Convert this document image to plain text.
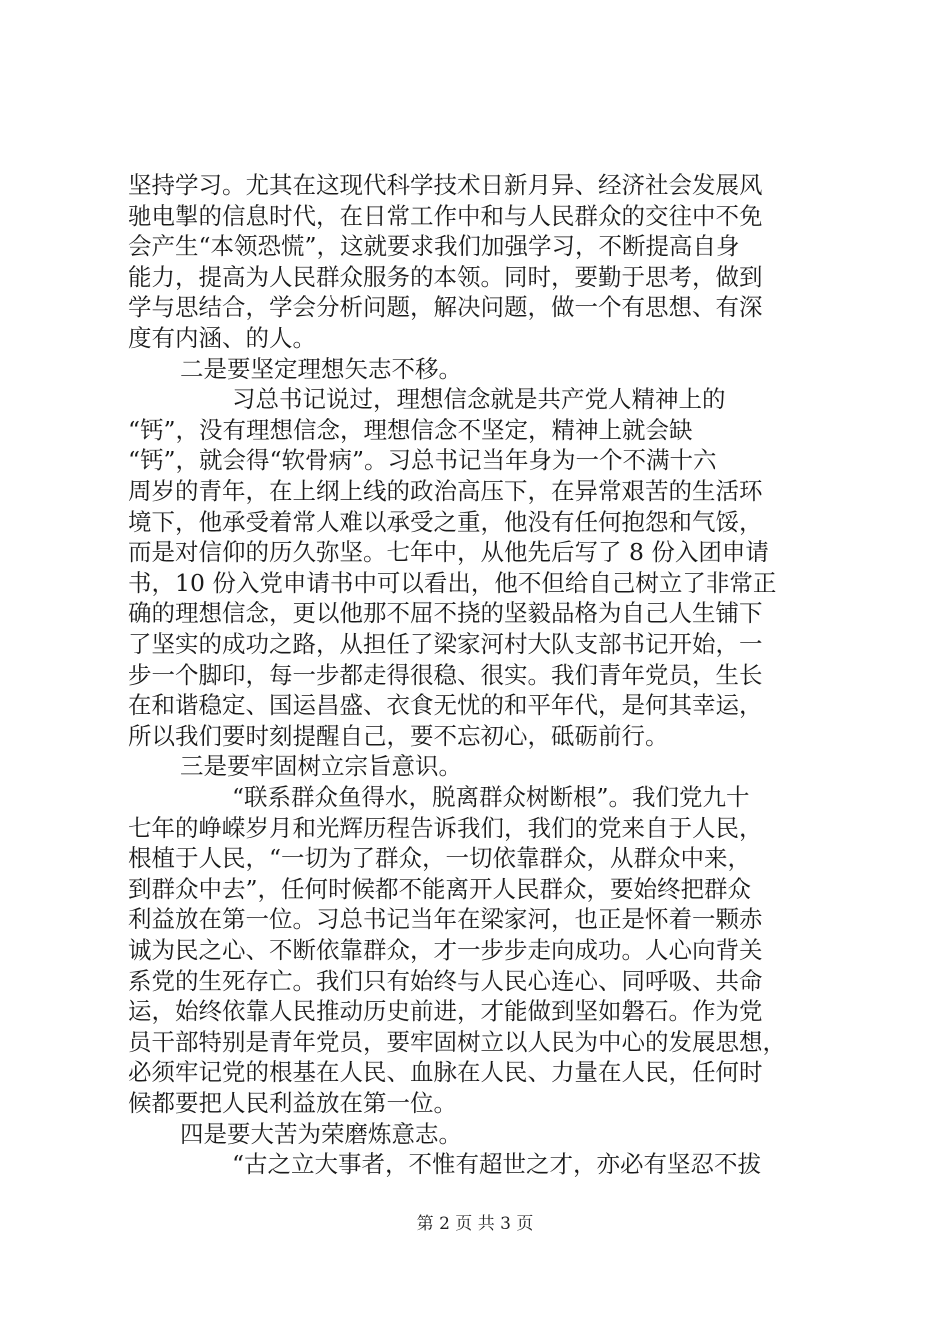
坚持学习。尤其在这现代科学技术日新月异、经济社会发展风
驰电掣的信息时代，在日常工作中和与人民群众的交往中不免
会产生“本领恐慌”，这就要求我们加强学习，不断提高自身
能力，提高为人民群众服务的本领。同时，要勤于思考，做到
学与思结合，学会分析问题，解决问题，做一个有思想、有深
度有内涵、的人。
二是要坚定理想矢志不移。
习总书记说过，理想信念就是共产党人精神上的
“钙”，没有理想信念，理想信念不坚定，精神上就会缺
“钙”，就会得“软骨病”。习总书记当年身为一个不满十六
周岁的青年，在上纲上线的政治高压下，在异常艰苦的生活环
境下，他承受着常人难以承受之重，他没有任何抱怨和气馁，
而是对信仰的历久弥坚。七年中，从他先后写了 8 份入团申请
书，10 份入党申请书中可以看出，他不但给自己树立了非常正
确的理想信念，更以他那不屈不挠的坚毅品格为自己人生铺下
了坚实的成功之路，从担任了梁家河村大队支部书记开始，一
步一个脚印，每一步都走得很稳、很实。我们青年党员，生长
在和谐稳定、国运昌盛、衣食无忧的和平年代，是何其幸运，
所以我们要时刻提醒自己，要不忘初心，砥砺前行。
三是要牢固树立宗旨意识。
“联系群众鱼得水，脱离群众树断根”。我们党九十
七年的峥嵘岁月和光辉历程告诉我们，我们的党来自于人民，
根植于人民，“一切为了群众，一切依靠群众，从群众中来，
到群众中去”，任何时候都不能离开人民群众，要始终把群众
利益放在第一位。习总书记当年在梁家河，也正是怀着一颗赤
诚为民之心、不断依靠群众，才一步步走向成功。人心向背关
系党的生死存亡。我们只有始终与人民心连心、同呼吸、共命
运，始终依靠人民推动历史前进，才能做到坚如磐石。作为党
员干部特别是青年党员，要牢固树立以人民为中心的发展思想，
必须牢记党的根基在人民、血脉在人民、力量在人民，任何时
候都要把人民利益放在第一位。
四是要大苦为荣磨炼意志。
“古之立大事者，不惟有超世之才，亦必有坚忍不拔
第 2 页 共 3 页
